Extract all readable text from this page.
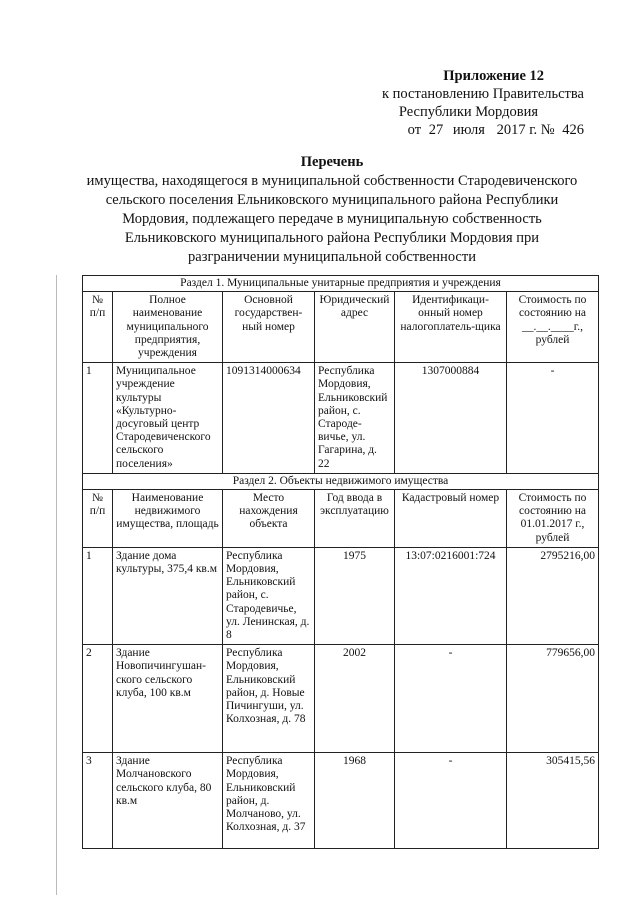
Приложение 12
к постановлению Правительства
Республики Мордовия
от 27 июля 2017 г. № 426
Перечень
имущества, находящегося в муниципальной собственности Стародевиченского сельского поселения Ельниковского муниципального района Республики Мордовия, подлежащего передаче в муниципальную собственность Ельниковского муниципального района Республики Мордовия при разграничении муниципальной собственности
Раздел 1. Муниципальные унитарные предприятия и учреждения					
№ п/п	Полное наименование муниципального предприятия, учреждения	Основной государствен-ный номер	Юридический адрес	Идентификаци-онный номер налогоплатель-щика	Стоимость по состоянию на __.__.____г., рублей
1	Муниципальное учреждение культуры «Культурно-досуговый центр Стародевиченского сельского поселения»	1091314000634	Республика Мордовия, Ельниковский район, с. Староде-вичье, ул. Гагарина, д. 22	1307000884	-
Раздел 2. Объекты недвижимого имущества					
№ п/п	Наименование недвижимого имущества, площадь	Место нахождения объекта	Год ввода в эксплуатацию	Кадастровый номер	Стоимость по состоянию на 01.01.2017 г., рублей
1	Здание дома культуры, 375,4 кв.м	Республика Мордовия, Ельниковский район, с. Стародевичье, ул. Ленинская, д. 8	1975	13:07:0216001:724	2795216,00
2	Здание Новопичингушан-ского сельского клуба, 100 кв.м	Республика Мордовия, Ельниковский район, д. Новые Пичингуши, ул. Колхозная, д. 78	2002	-	779656,00
3	Здание Молчановского сельского клуба, 80 кв.м	Республика Мордовия, Ельниковский район, д. Молчаново, ул. Колхозная, д. 37	1968	-	305415,56
